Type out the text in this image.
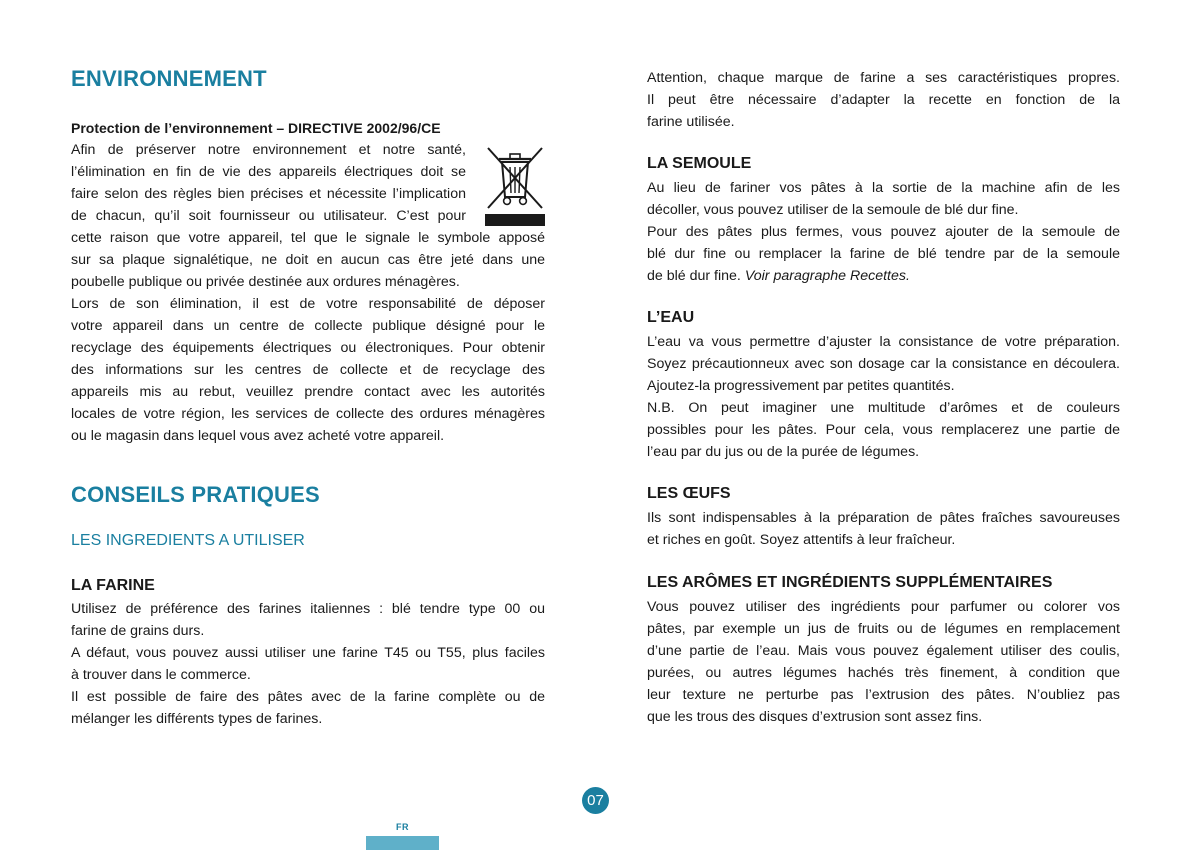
ENVIRONNEMENT
Protection de l’environnement – DIRECTIVE 2002/96/CE
Afin de préserver notre environnement et notre santé,
l’élimination en fin de vie des appareils électriques doit se
faire selon des règles bien précises et nécessite l’implication
de chacun, qu’il soit fournisseur ou utilisateur. C’est pour
cette raison que votre appareil, tel que le signale le symbole apposé
sur sa plaque signalétique, ne doit en aucun cas être jeté dans une
poubelle publique ou privée destinée aux ordures ménagères.
Lors de son élimination, il est de votre responsabilité de déposer
votre appareil dans un centre de collecte publique désigné pour le
recyclage des équipements électriques ou électroniques. Pour obtenir
des informations sur les centres de collecte et de recyclage des
appareils mis au rebut, veuillez prendre contact avec les autorités
locales de votre région, les services de collecte des ordures ménagères
ou le magasin dans lequel vous avez acheté votre appareil.
CONSEILS PRATIQUES
LES INGREDIENTS A UTILISER
LA FARINE
Utilisez de préférence des farines italiennes : blé tendre type 00 ou
farine de grains durs.
A défaut, vous pouvez aussi utiliser une farine T45 ou T55, plus faciles
à trouver dans le commerce.
Il est possible de faire des pâtes avec de la farine complète ou de
mélanger les différents types de farines.
Attention, chaque marque de farine a ses caractéristiques propres.
Il peut être nécessaire d’adapter la recette en fonction de la
farine utilisée.
LA SEMOULE
Au lieu de fariner vos pâtes à la sortie de la machine afin de les
décoller, vous pouvez utiliser de la semoule de blé dur fine.
Pour des pâtes plus fermes, vous pouvez ajouter de la semoule de
blé dur fine ou remplacer la farine de blé tendre par de la semoule
de blé dur fine. Voir paragraphe Recettes.
L’EAU
L’eau va vous permettre d’ajuster la consistance de votre préparation.
Soyez précautionneux avec son dosage car la consistance en découlera.
Ajoutez-la progressivement par petites quantités.
N.B. On peut imaginer une multitude d’arômes et de couleurs
possibles pour les pâtes. Pour cela, vous remplacerez une partie de
l’eau par du jus ou de la purée de légumes.
LES ŒUFS
Ils sont indispensables à la préparation de pâtes fraîches savoureuses
et riches en goût. Soyez attentifs à leur fraîcheur.
LES ARÔMES ET INGRÉDIENTS SUPPLÉMENTAIRES
Vous pouvez utiliser des ingrédients pour parfumer ou colorer vos
pâtes, par exemple un jus de fruits ou de légumes en remplacement
d’une partie de l’eau. Mais vous pouvez également utiliser des coulis,
purées, ou autres légumes hachés très finement, à condition que
leur texture ne perturbe pas l’extrusion des pâtes. N’oubliez pas
que les trous des disques d’extrusion sont assez fins.
07
FR
